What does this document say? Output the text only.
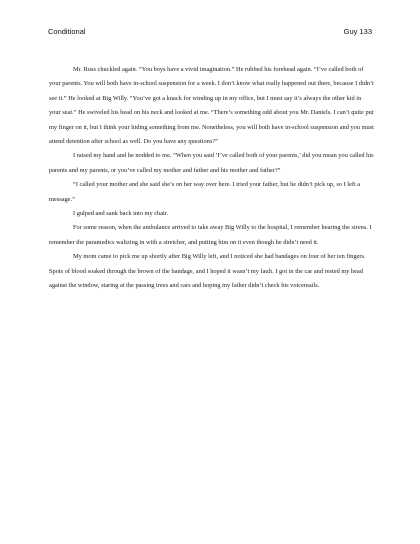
Conditional	Guy 133

Mr. Russ chuckled again. “You boys have a vivid imagination.” He rubbed his forehead again. “I’ve called both of your parents. You will both have in-school suspension for a week. I don’t know what really happened out there, because I didn’t see it.” He looked at Big Willy. “You’ve got a knack for winding up in my office, but I must say it’s always the other kid in your seat.” He swiveled his head on his neck and looked at me. “There’s something odd about you Mr. Daniels. I can’t quite put my finger on it, but I think your hiding something from me. Nonetheless, you will both have in-school suspension and you must attend detention after school as well. Do you have any questions?”

I raised my hand and he nodded to me. “When you said ‘I’ve called both of your parents,’ did you mean you called his parents and my parents, or you’ve called my mother and father and his mother and father?”

“I called your mother and she said she’s on her way over here. I tried your father, but he didn’t pick up, so I left a message.”

I gulped and sank back into my chair.

For some reason, when the ambulance arrived to take away Big Willy to the hospital, I remember hearing the sirens. I remember the paramedics waltzing in with a stretcher, and putting him on it even though he didn’t need it.

My mom came to pick me up shortly after Big Willy left, and I noticed she had bandages on four of her ten fingers. Spots of blood soaked through the brown of the bandage, and I hoped it wasn’t my fault. I got in the car and rested my head against the window, staring at the passing trees and cars and hoping my father didn’t check his voicemails.
